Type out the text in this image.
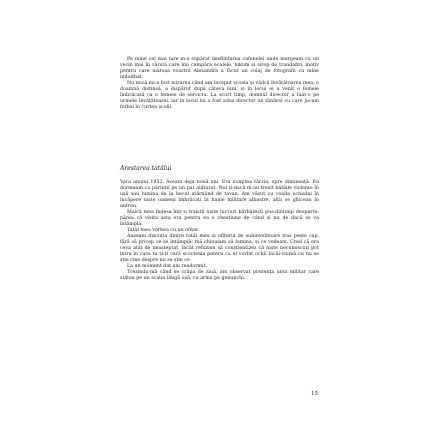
Pe mine cel mai tare m-a supărat desființarea cafenelei unde mergeam cu un vecin mai în vârstă care îmi cumpăra ecalele, lukum și sirop de trandafiri, motiv pentru care mătușa voastră Alexandra a făcut un colaj de fotografii cu mine îmbufnat.

Nu mică mi-a fost mirarea când am început școala și vădcă învățătoarea mea, o doamnă distinsă, a dispărut după câteva luni, și în locul ei a venit o femeie îmbrăcată ca o femeie de serviciu. La scurt timp, domnul director a luat-o pe urmele învățătoarei, iar în locul lui a fost adus director un tânărel cu care jucam fotbal în curtea școlii.

Arestarea tatălui

Vara anului 1952. Aveam deja nouă ani. Era noaptea târziu, spre dimineață. Eu dormeam cu părinții pe un pat alăturat. Noi ți-dacă m-au trezit bătăile violente în ușă sau lumina de la becul atârnând de tavan. Am văzut cu coada ochiului în încăpere niște oameni îmbrăcați în haine militare albastre, alții se ghiceau în antreu.

Maică mea îndesa într-o traistă niște lucruri bărbătești pus-dintimp deoparte; pârea că visita asta era pentru ea o chestiune de când și nu de dacă se va întâmpla.

Tatăl meu vorbea cu un ofițer.

Auzeam discuția dintre tatăl meu și ofițerul de subinvelitoare tras peste cap, fără să pricep ce se întâmplă; mă chinuiam să lumina, și ce vedeam. Cred că era ceva atât de neașteptat, încât refuzam să conștientizez că niște necunoscuți pot intra în casa ta și-ți cară scocteala pentru ca el vorbit ochii lacâi-clumă cu nu se știe cine despre nu se știe ce.

La un moment dat am readormit.

Trezindu-mă când se crăpa de ziuă, am observat prezența unui militar care stătea pe un scaun lângă ușă, cu arma pe genunchi.

15
